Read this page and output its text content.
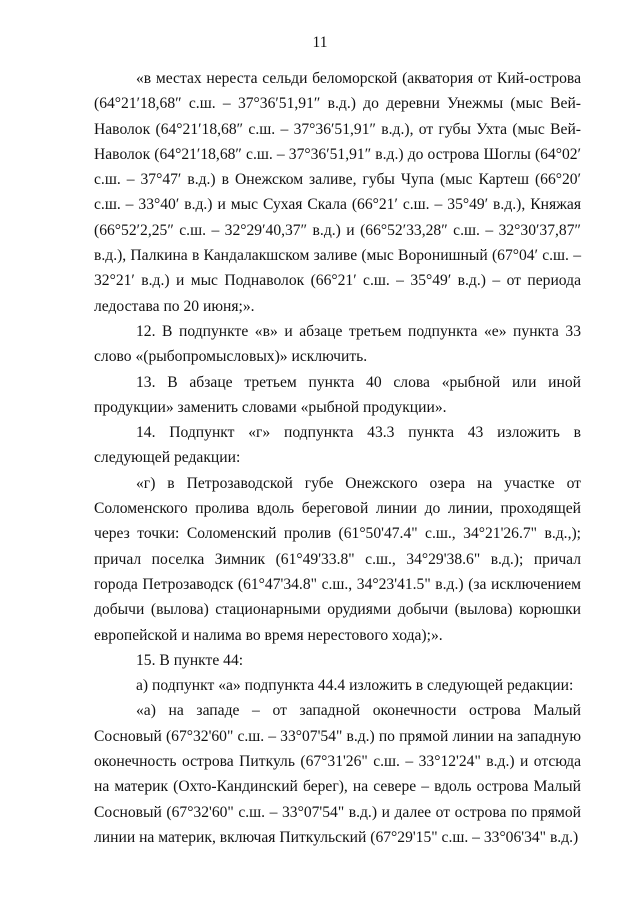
11

«в местах нереста сельди беломорской (акватория от Кий-острова (64°21′18,68″ с.ш. – 37°36′51,91″ в.д.) до деревни Унежмы (мыс Вей- Наволок (64°21′18,68″ с.ш. – 37°36′51,91″ в.д.), от губы Ухта (мыс Вей- Наволок (64°21′18,68″ с.ш. – 37°36′51,91″ в.д.) до острова Шоглы (64°02′ с.ш. – 37°47′ в.д.) в Онежском заливе, губы Чупа (мыс Картеш (66°20′ с.ш. – 33°40′ в.д.) и мыс Сухая Скала (66°21′ с.ш. – 35°49′ в.д.), Княжая (66°52′2,25″ с.ш. – 32°29′40,37″ в.д.) и (66°52′33,28″ с.ш. – 32°30′37,87″ в.д.), Палкина в Кандалакшском заливе (мыс Воронишный (67°04′ с.ш. – 32°21′ в.д.) и мыс Поднаволок (66°21′ с.ш. – 35°49′ в.д.) – от периода ледостава по 20 июня;».

12. В подпункте «в» и абзаце третьем подпункта «е» пункта 33 слово «(рыбопромысловых)» исключить.

13. В абзаце третьем пункта 40 слова «рыбной или иной продукции» заменить словами «рыбной продукции».

14. Подпункт «г» подпункта 43.3 пункта 43 изложить в следующей редакции:

«г) в Петрозаводской губе Онежского озера на участке от Соломенского пролива вдоль береговой линии до линии, проходящей через точки: Соломенский пролив (61°50'47.4" с.ш., 34°21'26.7" в.д.,); причал поселка Зимник (61°49'33.8" с.ш., 34°29'38.6" в.д.); причал города Петрозаводск (61°47'34.8" с.ш., 34°23'41.5" в.д.) (за исключением добычи (вылова) стационарными орудиями добычи (вылова) корюшки европейской и налима во время нерестового хода);».

15. В пункте 44:

а) подпункт «а» подпункта 44.4 изложить в следующей редакции:

«а) на западе – от западной оконечности острова Малый Сосновый (67°32'60" с.ш. – 33°07'54" в.д.) по прямой линии на западную оконечность острова Питкуль (67°31'26" с.ш. – 33°12'24" в.д.) и отсюда на материк (Охто-Кандинский берег), на севере – вдоль острова Малый Сосновый (67°32'60" с.ш. – 33°07'54" в.д.) и далее от острова по прямой линии на материк, включая Питкульский (67°29'15" с.ш. – 33°06'34" в.д.)
